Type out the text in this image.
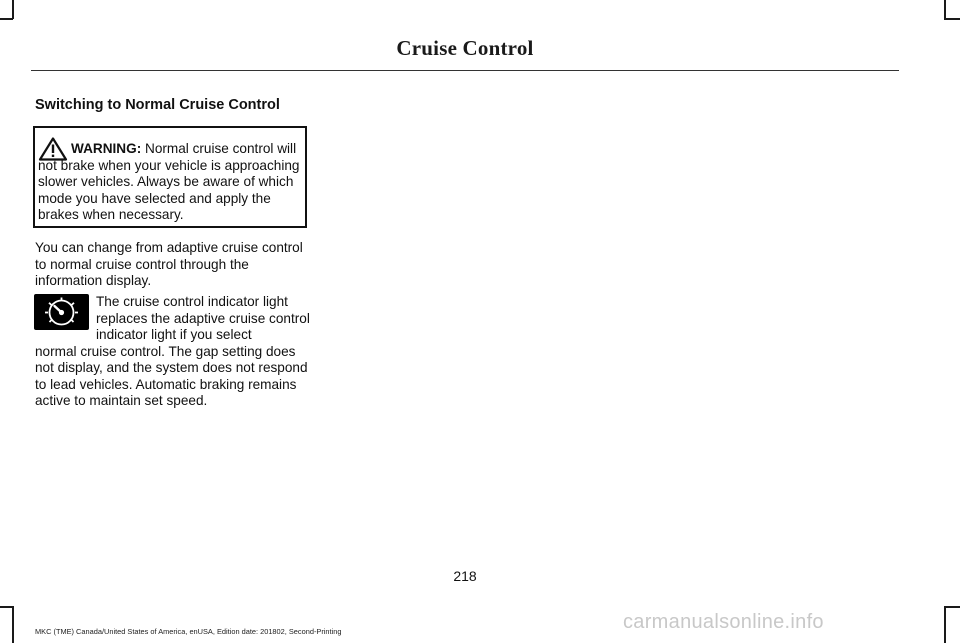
Cruise Control
Switching to Normal Cruise Control
WARNING: Normal cruise control will not brake when your vehicle is approaching slower vehicles. Always be aware of which mode you have selected and apply the brakes when necessary.
You can change from adaptive cruise control to normal cruise control through the information display.
The cruise control indicator light replaces the adaptive cruise control indicator light if you select
normal cruise control. The gap setting does not display, and the system does not respond to lead vehicles. Automatic braking remains active to maintain set speed.
218
MKC (TME) Canada/United States of America, enUSA, Edition date: 201802, Second-Printing	carmanualsonline.info
